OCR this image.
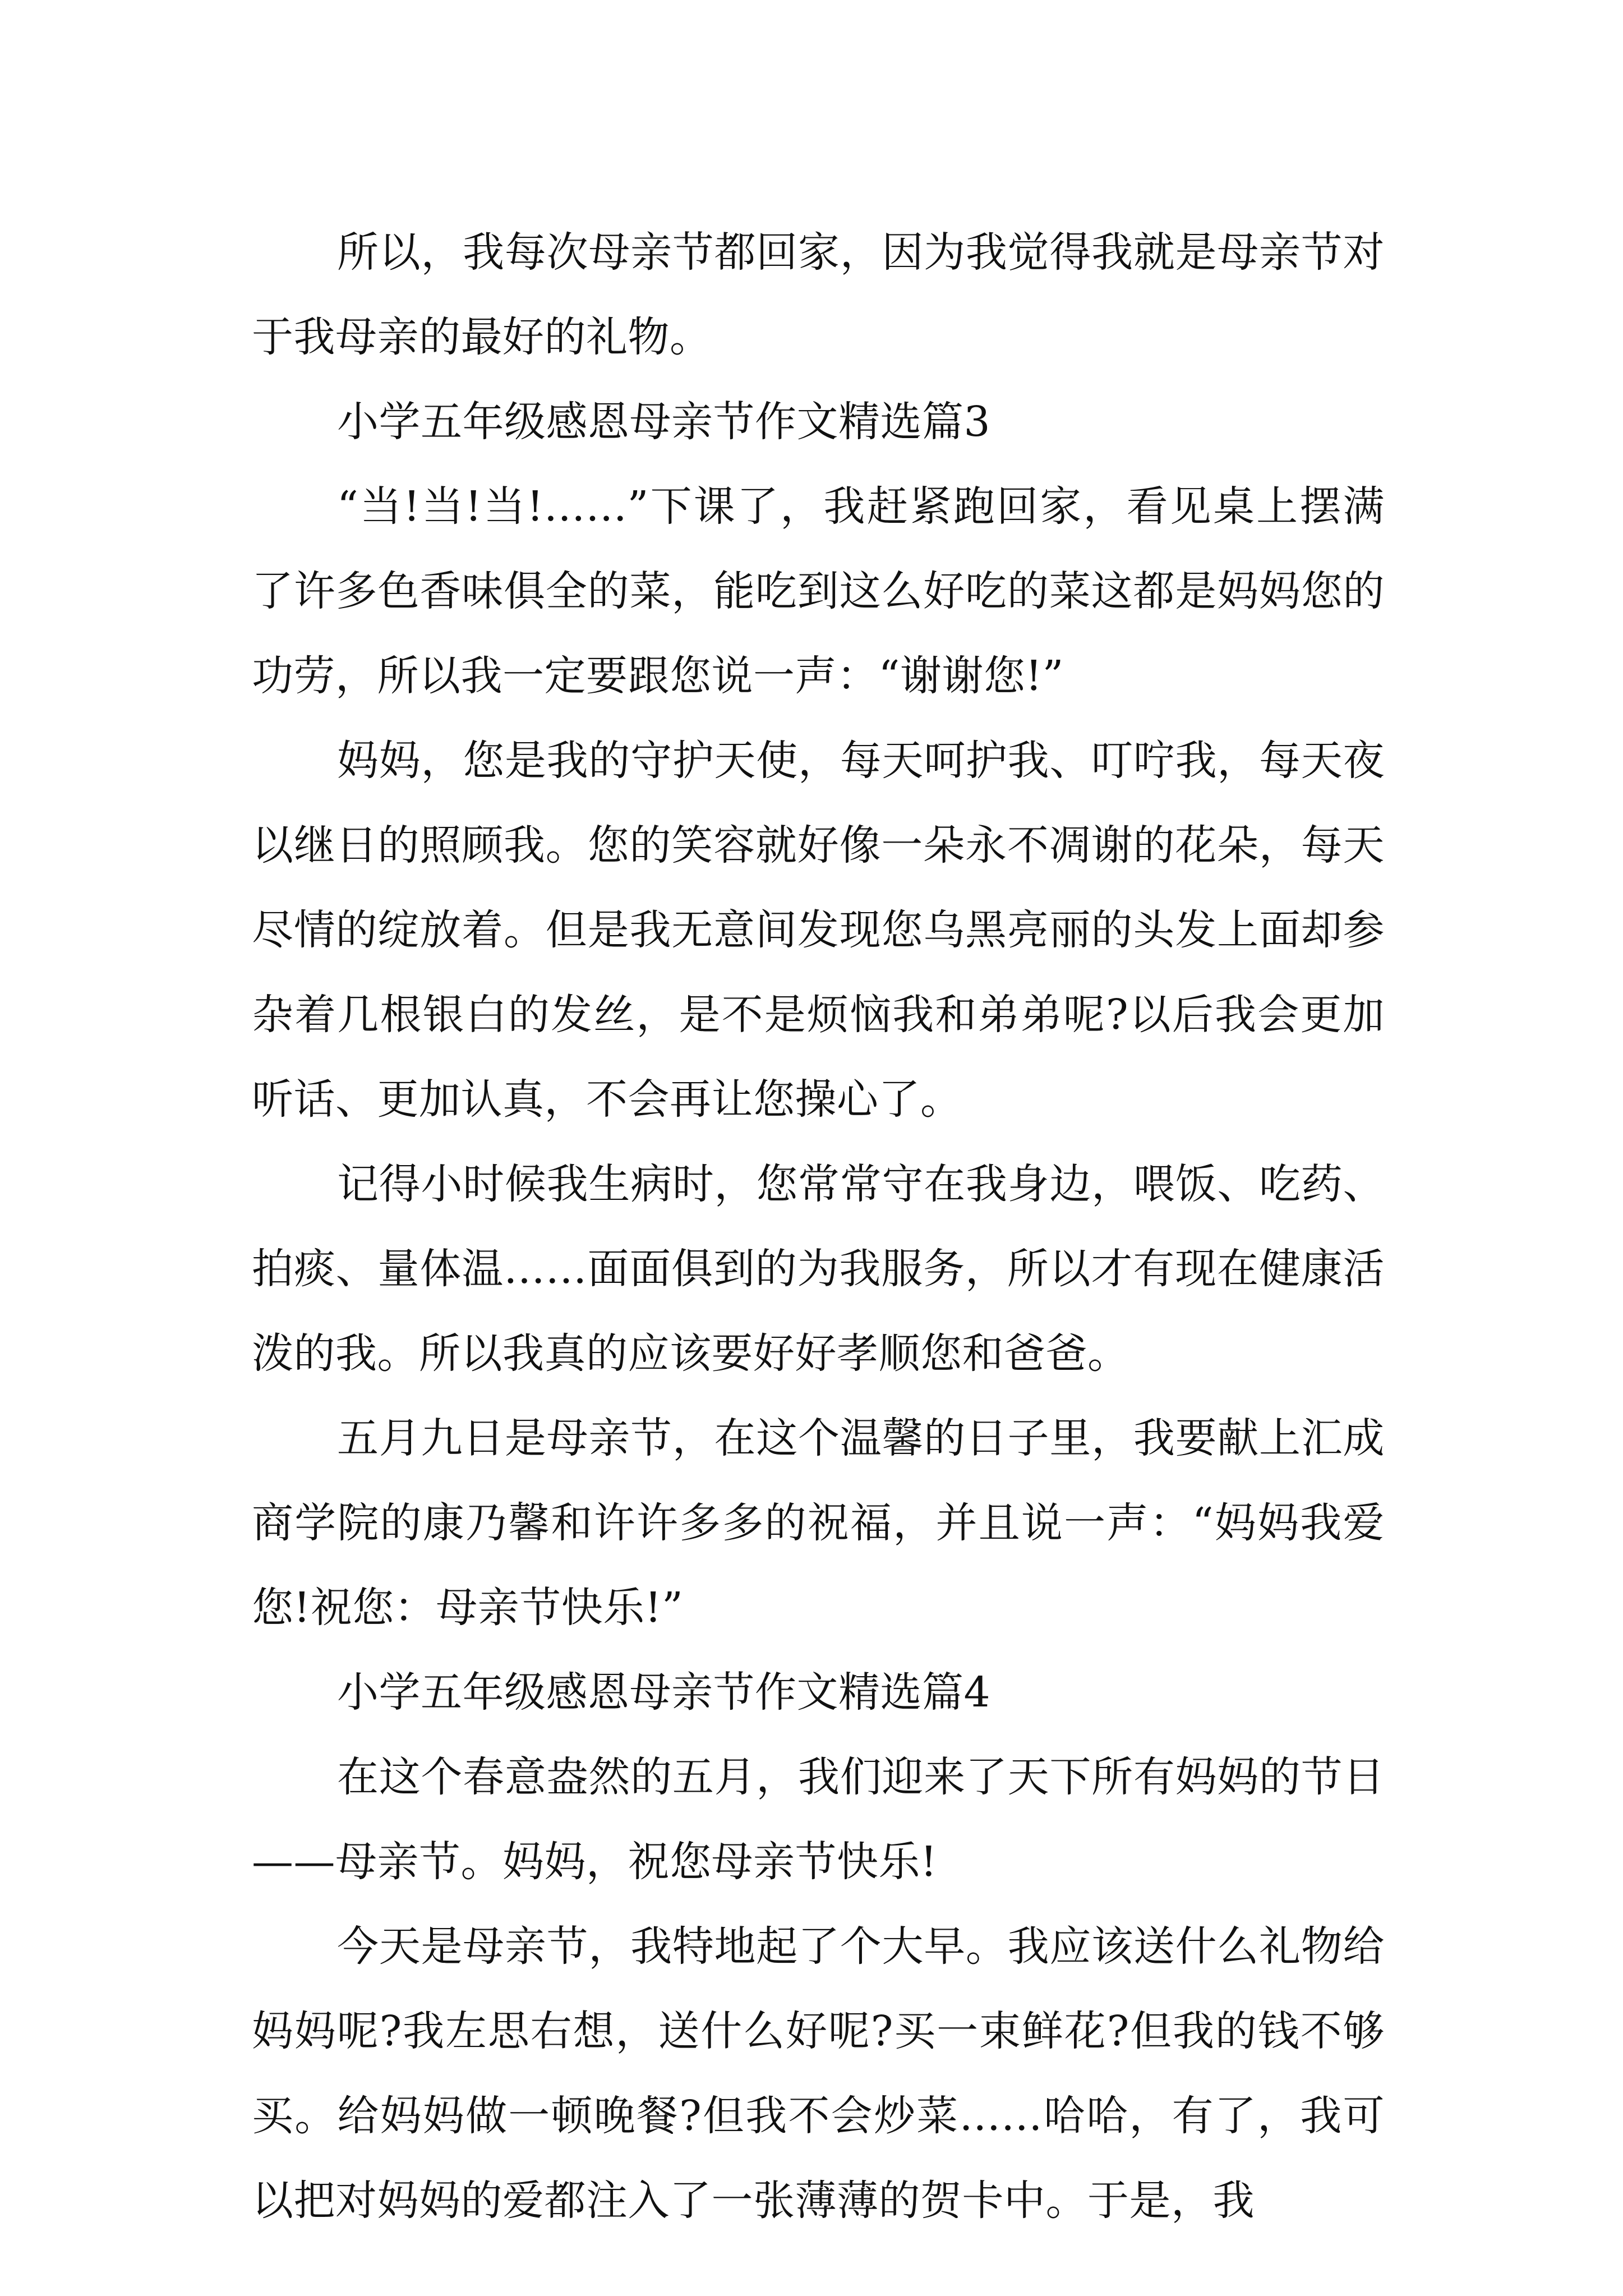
所以，我每次母亲节都回家，因为我觉得我就是母亲节对于我母亲的最好的礼物。

小学五年级感恩母亲节作文精选篇3

“当!当!当!……”下课了，我赶紧跑回家，看见桌上摆满了许多色香味俱全的菜，能吃到这么好吃的菜这都是妈妈您的功劳，所以我一定要跟您说一声：“谢谢您!”

妈妈，您是我的守护天使，每天呵护我、叮咛我，每天夜以继日的照顾我。您的笑容就好像一朵永不凋谢的花朵，每天尽情的绽放着。但是我无意间发现您乌黑亮丽的头发上面却参杂着几根银白的发丝，是不是烦恼我和弟弟呢?以后我会更加听话、更加认真，不会再让您操心了。

记得小时候我生病时，您常常守在我身边，喂饭、吃药、拍痰、量体温……面面俱到的为我服务，所以才有现在健康活泼的我。所以我真的应该要好好孝顺您和爸爸。

五月九日是母亲节，在这个温馨的日子里，我要献上汇成商学院的康乃馨和许许多多的祝福，并且说一声：“妈妈我爱您!祝您：母亲节快乐!”

小学五年级感恩母亲节作文精选篇4

在这个春意盎然的五月，我们迎来了天下所有妈妈的节日——母亲节。妈妈，祝您母亲节快乐!

今天是母亲节，我特地起了个大早。我应该送什么礼物给妈妈呢?我左思右想，送什么好呢?买一束鲜花?但我的钱不够买。给妈妈做一顿晚餐?但我不会炒菜……哈哈，有了，我可以把对妈妈的爱都注入了一张薄薄的贺卡中。于是，我
